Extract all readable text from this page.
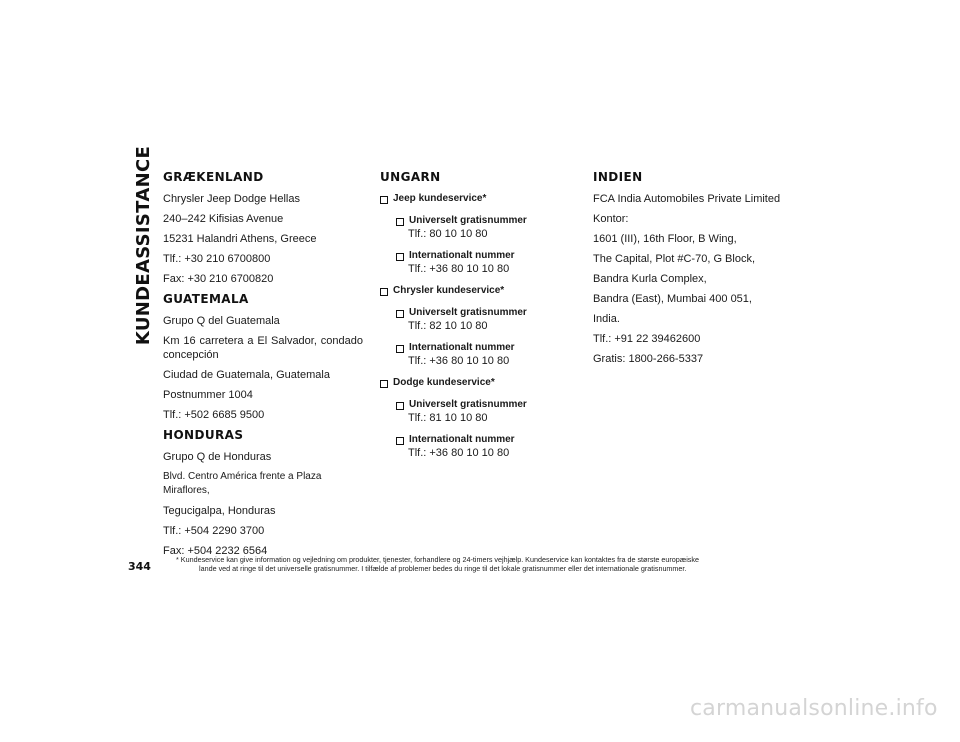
KUNDEASSISTANCE GRÆKENLAND
Chrysler Jeep Dodge Hellas
240–242 Kifisias Avenue
15231 Halandri Athens, Greece
Tlf.: +30 210 6700800
Fax: +30 210 6700820
GUATEMALA
Grupo Q del Guatemala
Km 16 carretera a El Salvador, condado concepción
Ciudad de Guatemala, Guatemala
Postnummer 1004
Tlf.: +502 6685 9500
HONDURAS
Grupo Q de Honduras
Blvd. Centro América frente a Plaza Miraflores,
Tegucigalpa, Honduras
Tlf.: +504 2290 3700
Fax: +504 2232 6564
UNGARN
Jeep kundeservice*
Universelt gratisnummer
Tlf.: 80 10 10 80
Internationalt nummer
Tlf.: +36 80 10 10 80
Chrysler kundeservice*
Universelt gratisnummer
Tlf.: 82 10 10 80
Internationalt nummer
Tlf.: +36 80 10 10 80
Dodge kundeservice*
Universelt gratisnummer
Tlf.: 81 10 10 80
Internationalt nummer
Tlf.: +36 80 10 10 80
INDIEN
FCA India Automobiles Private Limited
Kontor:
1601 (III), 16th Floor, B Wing,
The Capital, Plot #C-70, G Block,
Bandra Kurla Complex,
Bandra (East), Mumbai 400 051,
India.
Tlf.: +91 22 39462600
Gratis: 1800-266-5337
344
* Kundeservice kan give information og vejledning om produkter, tjenester, forhandlere og 24-timers vejhjælp. Kundeservice kan kontaktes fra de største europæiske
lande ved at ringe til det universelle gratisnummer. I tilfælde af problemer bedes du ringe til det lokale gratisnummer eller det internationale gratisnummer.
carmanualsonline.info
